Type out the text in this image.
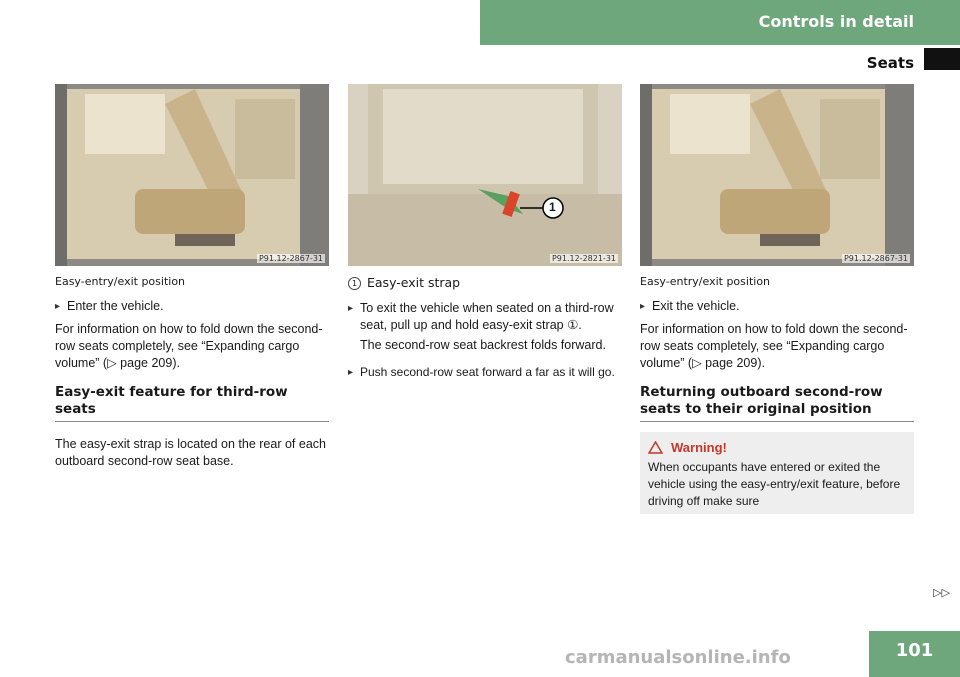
Controls in detail
Seats
P91.12-2867-31
Easy-entry/exit position
▸ Enter the vehicle.
For information on how to fold down the second-row seats completely, see “Expanding cargo volume” (▷ page 209).
Easy-exit feature for third-row seats
The easy-exit strap is located on the rear of each outboard second-row seat base.
1
P91.12-2821-31
1 Easy-exit strap
▸ To exit the vehicle when seated on a third-row seat, pull up and hold easy-exit strap ①.
The second-row seat backrest folds forward.
▸ Push second-row seat forward a far as it will go.
P91.12-2867-31
Easy-entry/exit position
▸ Exit the vehicle.
For information on how to fold down the second-row seats completely, see “Expanding cargo volume” (▷ page 209).
Returning outboard second-row seats to their original position
Warning!
When occupants have entered or exited the vehicle using the easy-entry/exit feature, before driving off make sure
▷▷
101
carmanualsonline.info
